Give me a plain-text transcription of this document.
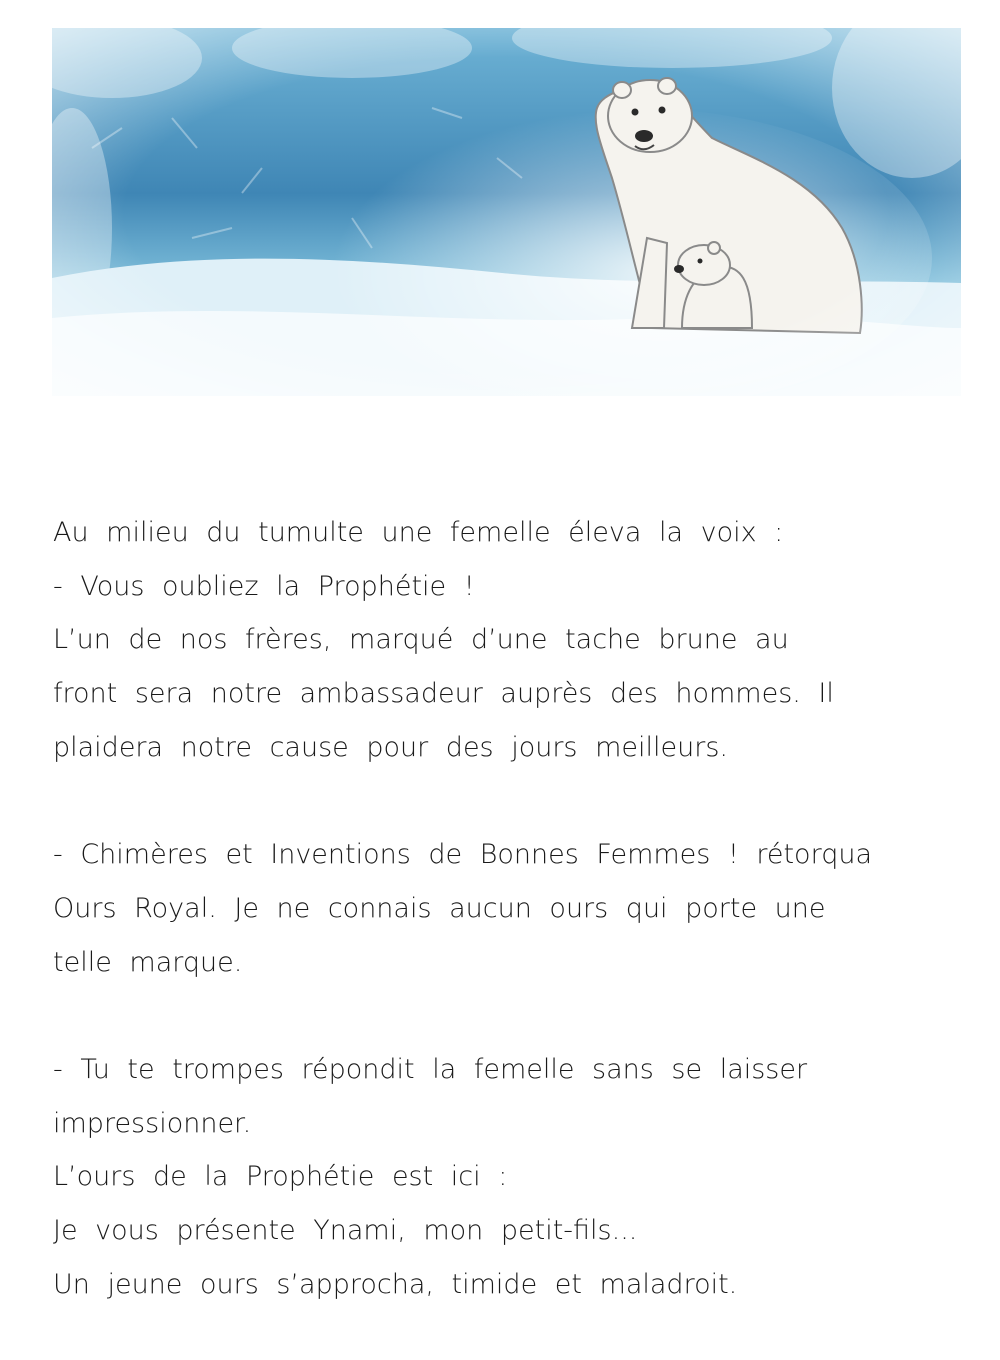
Au milieu du tumulte une femelle éleva la voix :

- Vous oubliez la Prophétie !

L’un de nos frères, marqué d’une tache brune au

front sera notre ambassadeur auprès des hommes. Il

plaidera notre cause pour des jours meilleurs.

- Chimères et Inventions de Bonnes Femmes ! rétorqua

Ours Royal. Je ne connais aucun ours qui porte une

telle marque.

- Tu te trompes répondit la femelle sans se laisser

impressionner.

L’ours de la Prophétie est ici :

Je vous présente Ynami, mon petit-fils...

Un jeune ours s’approcha, timide et maladroit.
